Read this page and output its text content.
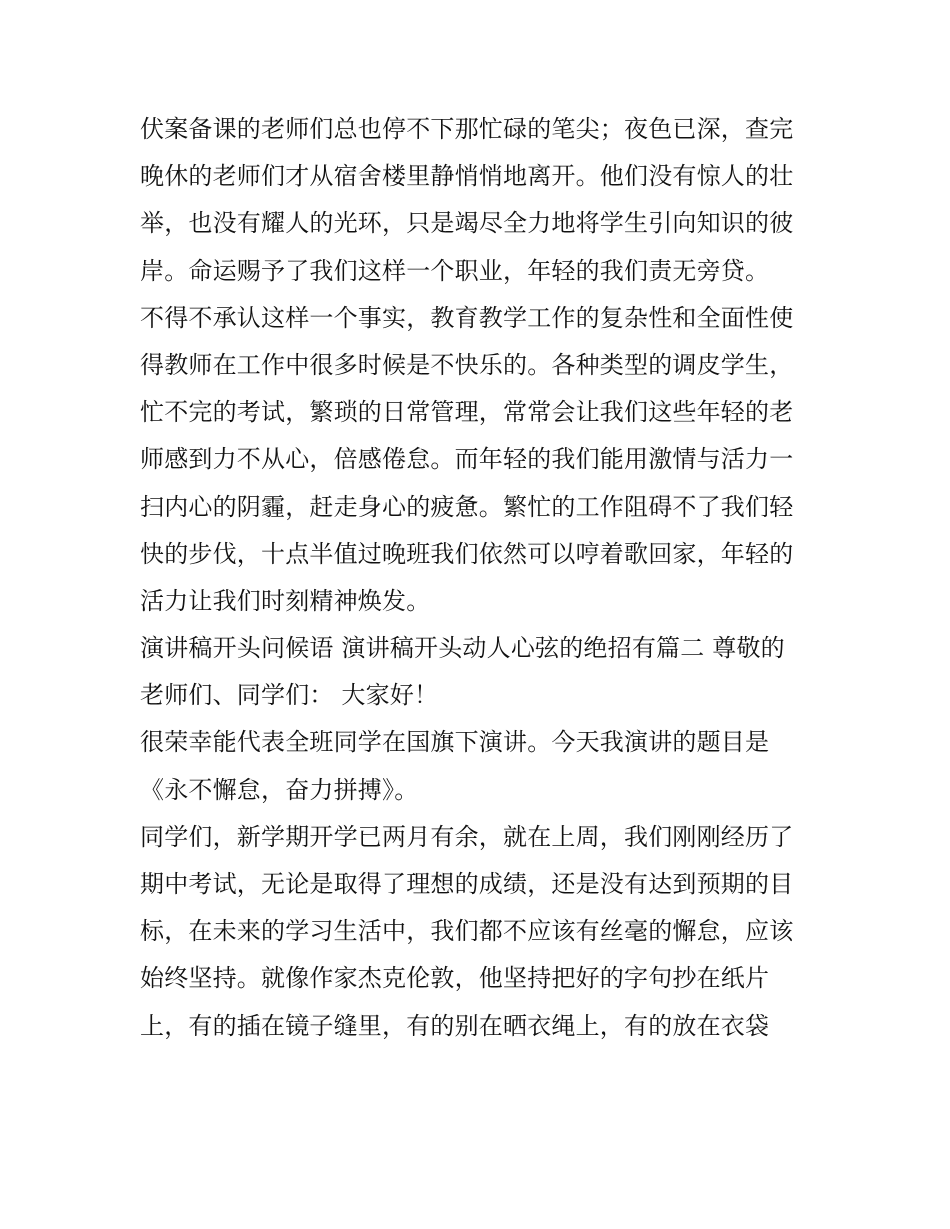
伏案备课的老师们总也停不下那忙碌的笔尖；夜色已深，查完
晚休的老师们才从宿舍楼里静悄悄地离开。他们没有惊人的壮
举，也没有耀人的光环，只是竭尽全力地将学生引向知识的彼
岸。命运赐予了我们这样一个职业，年轻的我们责无旁贷。
不得不承认这样一个事实，教育教学工作的复杂性和全面性使
得教师在工作中很多时候是不快乐的。各种类型的调皮学生，
忙不完的考试，繁琐的日常管理，常常会让我们这些年轻的老
师感到力不从心，倍感倦怠。而年轻的我们能用激情与活力一
扫内心的阴霾，赶走身心的疲惫。繁忙的工作阻碍不了我们轻
快的步伐，十点半值过晚班我们依然可以哼着歌回家，年轻的
活力让我们时刻精神焕发。
演讲稿开头问候语 演讲稿开头动人心弦的绝招有篇二 尊敬的
老师们、同学们： 大家好！
很荣幸能代表全班同学在国旗下演讲。今天我演讲的题目是
《永不懈怠，奋力拼搏》。
同学们，新学期开学已两月有余，就在上周，我们刚刚经历了
期中考试，无论是取得了理想的成绩，还是没有达到预期的目
标，在未来的学习生活中，我们都不应该有丝毫的懈怠，应该
始终坚持。就像作家杰克伦敦，他坚持把好的字句抄在纸片
上，有的插在镜子缝里，有的别在晒衣绳上，有的放在衣袋
